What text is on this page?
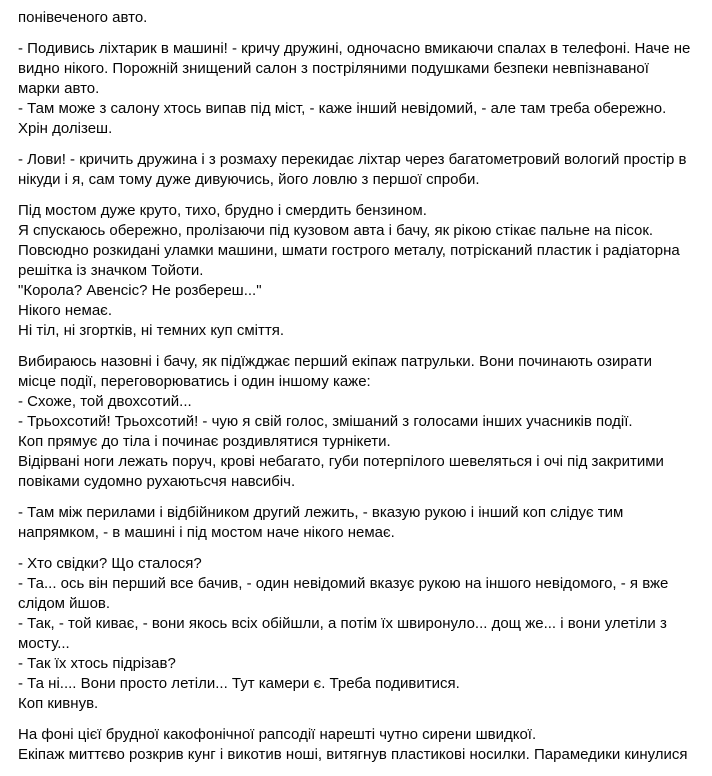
понівеченого авто.

- Подивись ліхтарик в машині! - кричу дружині, одночасно вмикаючи спалах в телефоні. Наче не
видно нікого. Порожній знищений салон з постріляними подушками безпеки невпізнаваної
марки авто.
- Там може з салону хтось випав під міст, - каже інший невідомий, - але там треба обережно.
Хрін долізеш.

- Лови! - кричить дружина і з розмаху перекидає ліхтар через багатометровий вологий простір в
нікуди і я, сам тому дуже дивуючись, його ловлю з першої спроби.

Під мостом дуже круто, тихо, брудно і смердить бензином.
Я спускаюсь обережно, пролізаючи під кузовом авта і бачу, як рікою стікає пальне на пісок.
Повсюдно розкидані уламки машини, шмати гострого металу, потрісканий пластик і радіаторна
решітка із значком Тойоти.
"Корола? Авенсіс? Не розбереш..."
Нікого немає.
Ні тіл, ні згортків, ні темних куп сміття.

Вибираюсь назовні і бачу, як підїжджає перший екіпаж патрульки. Вони починають озирати
місце події, переговорюватись і один іншому каже:
- Схоже, той двохсотий...
- Трьохсотий! Трьохсотий! - чую я свій голос, змішаний з голосами інших учасників події.
Коп прямує до тіла і починає роздивлятися турнікети.
Відірвані ноги лежать поруч, крові небагато, губи потерпілого шевеляться і очі під закритими
повіками судомно рухаютьсчя навсибіч.

- Там між перилами і відбійником другий лежить, - вказую рукою і інший коп слідує тим
напрямком, - в машині і під мостом наче нікого немає.

- Хто свідки? Що сталося?
- Та... ось він перший все бачив, - один невідомий вказує рукою на іншого невідомого, - я вже
слідом йшов.
- Так, - той киває, - вони якось всіх обійшли, а потім їх швиронуло... дощ же... і вони улетіли з
мосту...
- Так їх хтось підрізав?
- Та ні.... Вони просто летіли... Тут камери є. Треба подивитися.
Коп кивнув.

На фоні цієї брудної какофонічної рапсодії нарешті чутно сирени швидкої.
Екіпаж миттєво розкрив кунг і викотив ноші, витягнув пластикові носилки. Парамедики кинулися
